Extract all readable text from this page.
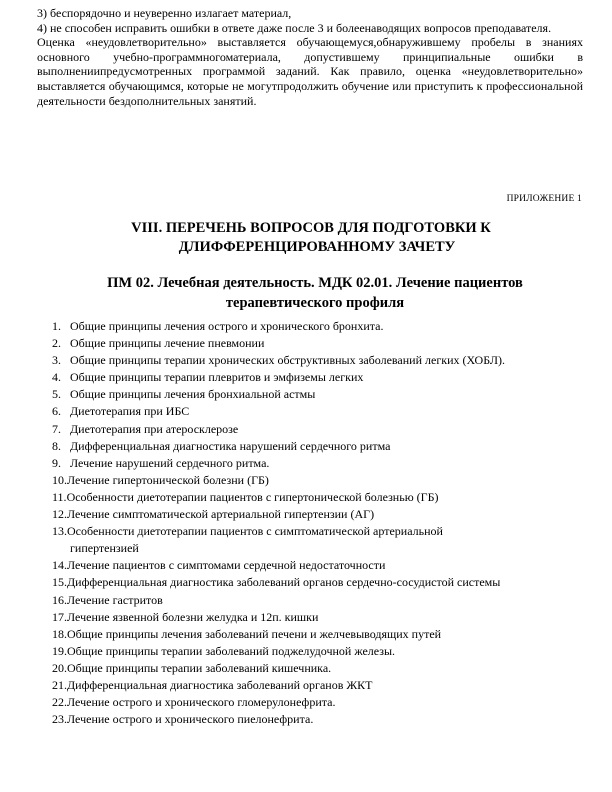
3) беспорядочно и неуверенно излагает материал,

4) не способен исправить ошибки в ответе даже после 3 и болеенаводящих вопросов преподавателя.

Оценка «неудовлетворительно» выставляется обучающемуся,обнаружившему пробелы в знаниях основного учебно-программногоматериала, допустившему принципиальные ошибки в выполнениипредусмотренных программой заданий. Как правило, оценка «неудовлетворительно» выставляется обучающимся, которые не могутпродолжить обучение или приступить к профессиональной деятельности бездополнительных занятий.

ПРИЛОЖЕНИЕ 1
VIII. ПЕРЕЧЕНЬ ВОПРОСОВ ДЛЯ ПОДГОТОВКИ К
ДЛИФФЕРЕНЦИРОВАННОМУ ЗАЧЕТУ
ПМ 02. Лечебная деятельность. МДК 02.01. Лечение пациентов
терапевтического профиля
1. Общие принципы лечения острого и хронического бронхита.
2. Общие принципы лечение пневмонии
3. Общие принципы терапии хронических обструктивных заболеваний легких (ХОБЛ).
4. Общие принципы терапии плевритов и эмфиземы легких
5. Общие принципы лечения бронхиальной астмы
6. Диетотерапия при ИБС
7. Диетотерапия при атеросклерозе
8. Дифференциальная диагностика нарушений сердечного ритма
9. Лечение нарушений сердечного ритма.
10.Лечение гипертонической болезни (ГБ)
11.Особенности диетотерапии пациентов с гипертонической болезнью (ГБ)
12.Лечение симптоматической артериальной гипертензии (АГ)
13.Особенности диетотерапии пациентов с симптоматической артериальной
гипертензией
14.Лечение пациентов с симптомами сердечной недостаточности
15.Дифференциальная диагностика заболеваний органов сердечно-сосудистой системы
16.Лечение гастритов
17.Лечение язвенной болезни желудка и 12п. кишки
18.Общие принципы лечения заболеваний печени и желчевыводящих путей
19.Общие принципы терапии заболеваний поджелудочной железы.
20.Общие принципы терапии заболеваний кишечника.
21.Дифференциальная диагностика заболеваний органов ЖКТ
22.Лечение острого и хронического гломерулонефрита.
23.Лечение острого и хронического пиелонефрита.
